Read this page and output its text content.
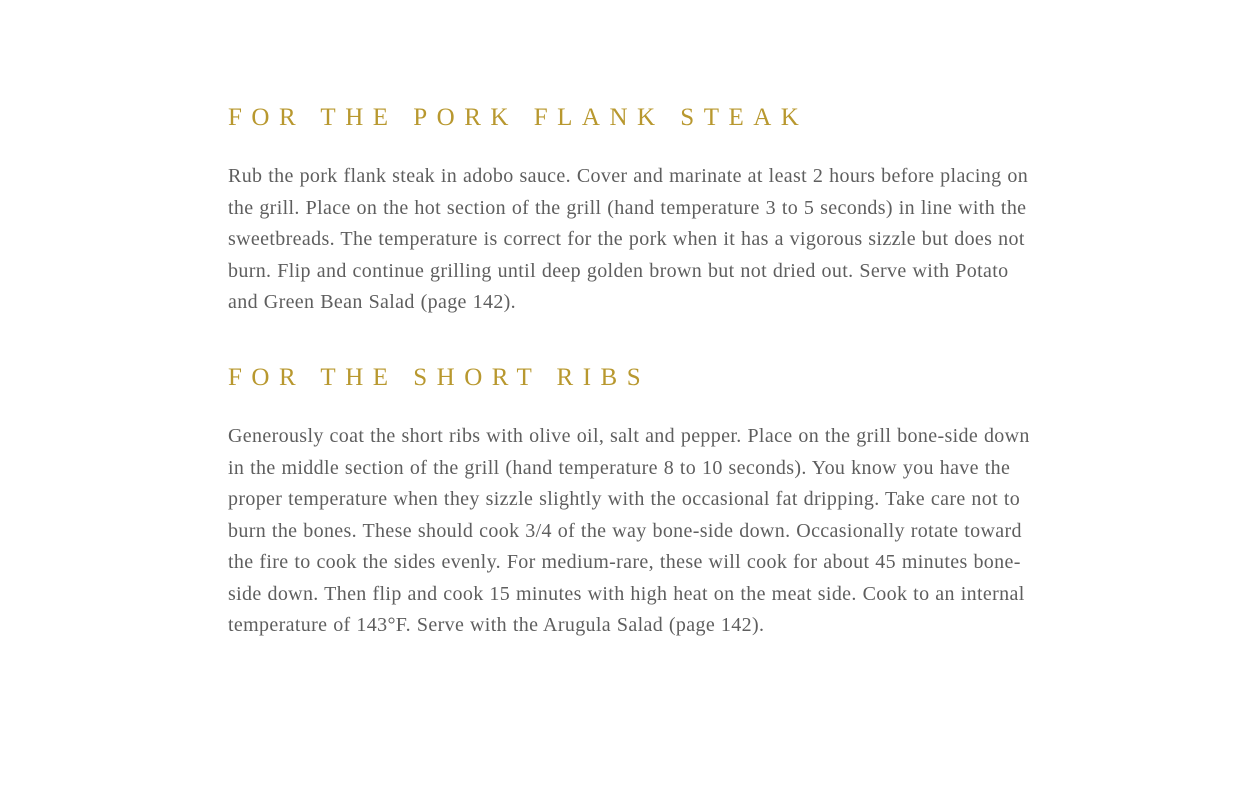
FOR THE PORK FLANK STEAK

Rub the pork flank steak in adobo sauce. Cover and marinate at least 2 hours before placing on the grill. Place on the hot section of the grill (hand temperature 3 to 5 seconds) in line with the sweetbreads. The temperature is correct for the pork when it has a vigorous sizzle but does not burn. Flip and continue grilling until deep golden brown but not dried out. Serve with Potato and Green Bean Salad (page 142).

FOR THE SHORT RIBS

Generously coat the short ribs with olive oil, salt and pepper. Place on the grill bone-side down in the middle section of the grill (hand temperature 8 to 10 seconds). You know you have the proper temperature when they sizzle slightly with the occasional fat dripping. Take care not to burn the bones. These should cook 3/4 of the way bone-side down. Occasionally rotate toward the fire to cook the sides evenly. For medium-rare, these will cook for about 45 minutes bone-side down. Then flip and cook 15 minutes with high heat on the meat side. Cook to an internal temperature of 143°F. Serve with the Arugula Salad (page 142).
